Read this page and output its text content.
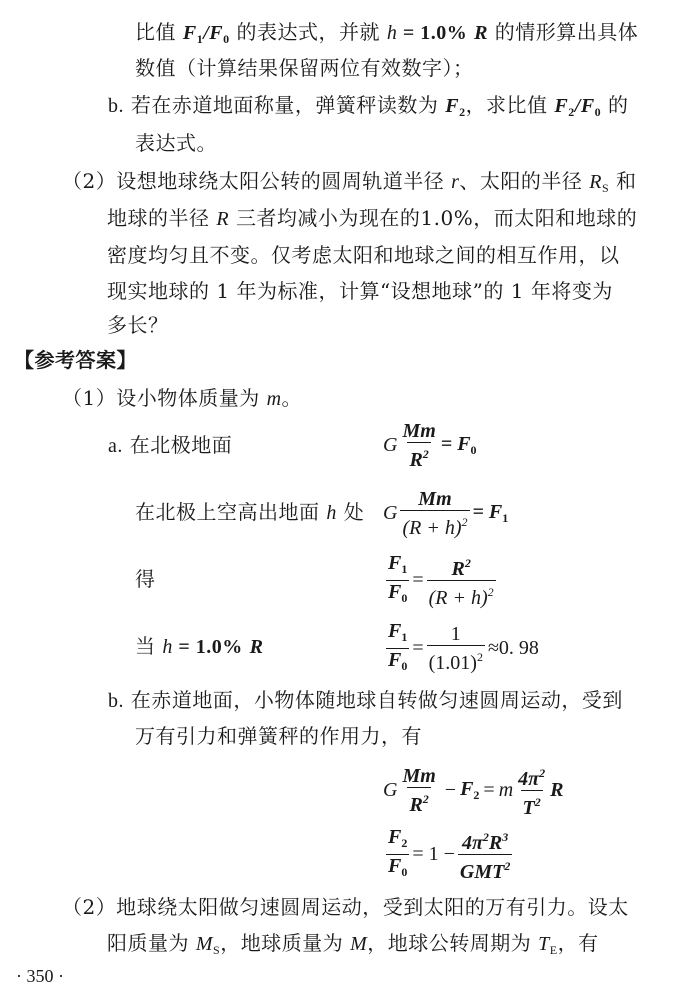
比值 $F_1/F_0$ 的表达式，并就 h = 1.0% R 的情形算出具体
数值（计算结果保留两位有效数字）；
b. 若在赤道地面称量，弹簧秤读数为 $F_2$，求比值 $F_2/F_0$ 的
表达式。
（2）设想地球绕太阳公转的圆周轨道半径 r、太阳的半径 $R_S$ 和
地球的半径 R 三者均减小为现在的1.0%，而太阳和地球的
密度均匀且不变。仅考虑太阳和地球之间的相互作用，以
现实地球的 1 年为标准，计算“设想地球”的 1 年将变为
多长？
【参考答案】
（1）设小物体质量为 m。
a. 在北极地面
在北极上空高出地面 h 处
得
当 h = 1.0% R
G $\frac{Mm}{R^2} = F_0$
G $\frac{Mm}{(R + h)^2} = F_1$
$\frac{F_1}{F_0} = \frac{R^2}{(R + h)^2}$
$\frac{F_1}{F_0} = \frac{1}{(1.01)^2} \approx 0$. 98
b. 在赤道地面，小物体随地球自转做匀速圆周运动，受到
万有引力和弹簧秤的作用力，有
G $\frac{Mm}{R^2} - F_2 = m \frac{4\pi^2}{T^2}$ R
$\frac{F_2}{F_0} = 1 - \frac{4\pi^2R^3}{GMT^2}$
（2）地球绕太阳做匀速圆周运动，受到太阳的万有引力。设太
阳质量为 $M_S$，地球质量为 M，地球公转周期为 $T_E$，有
· 350 ·
